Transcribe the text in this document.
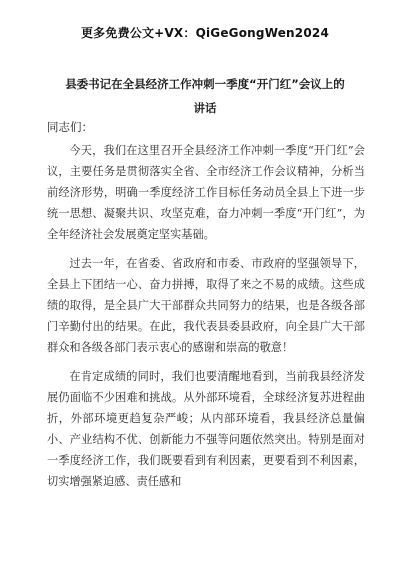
更多免费公文+VX：QiGeGongWen2024
县委书记在全县经济工作冲刺一季度“开门红”会议上的
讲话
同志们：

今天，我们在这里召开全县经济工作冲刺一季度“开门红”会议，主要任务是贯彻落实全省、全市经济工作会议精神，分析当前经济形势，明确一季度经济工作目标任务动员全县上下进一步统一思想、凝聚共识、攻坚克难，奋力冲刺一季度“开门红”，为全年经济社会发展奠定坚实基础。

过去一年，在省委、省政府和市委、市政府的坚强领导下，全县上下团结一心、奋力拼搏，取得了来之不易的成绩。这些成绩的取得，是全县广大干部群众共同努力的结果，也是各级各部门辛勤付出的结果。在此，我代表县委县政府，向全县广大干部群众和各级各部门表示衷心的感谢和崇高的敬意！

在肯定成绩的同时，我们也要清醒地看到，当前我县经济发展仍面临不少困难和挑战。从外部环境看，全球经济复苏进程曲折，外部环境更趋复杂严峻；从内部环境看，我县经济总量偏小、产业结构不优、创新能力不强等问题依然突出。特别是面对一季度经济工作，我们既要看到有利因素，更要看到不利因素，切实增强紧迫感、责任感和
